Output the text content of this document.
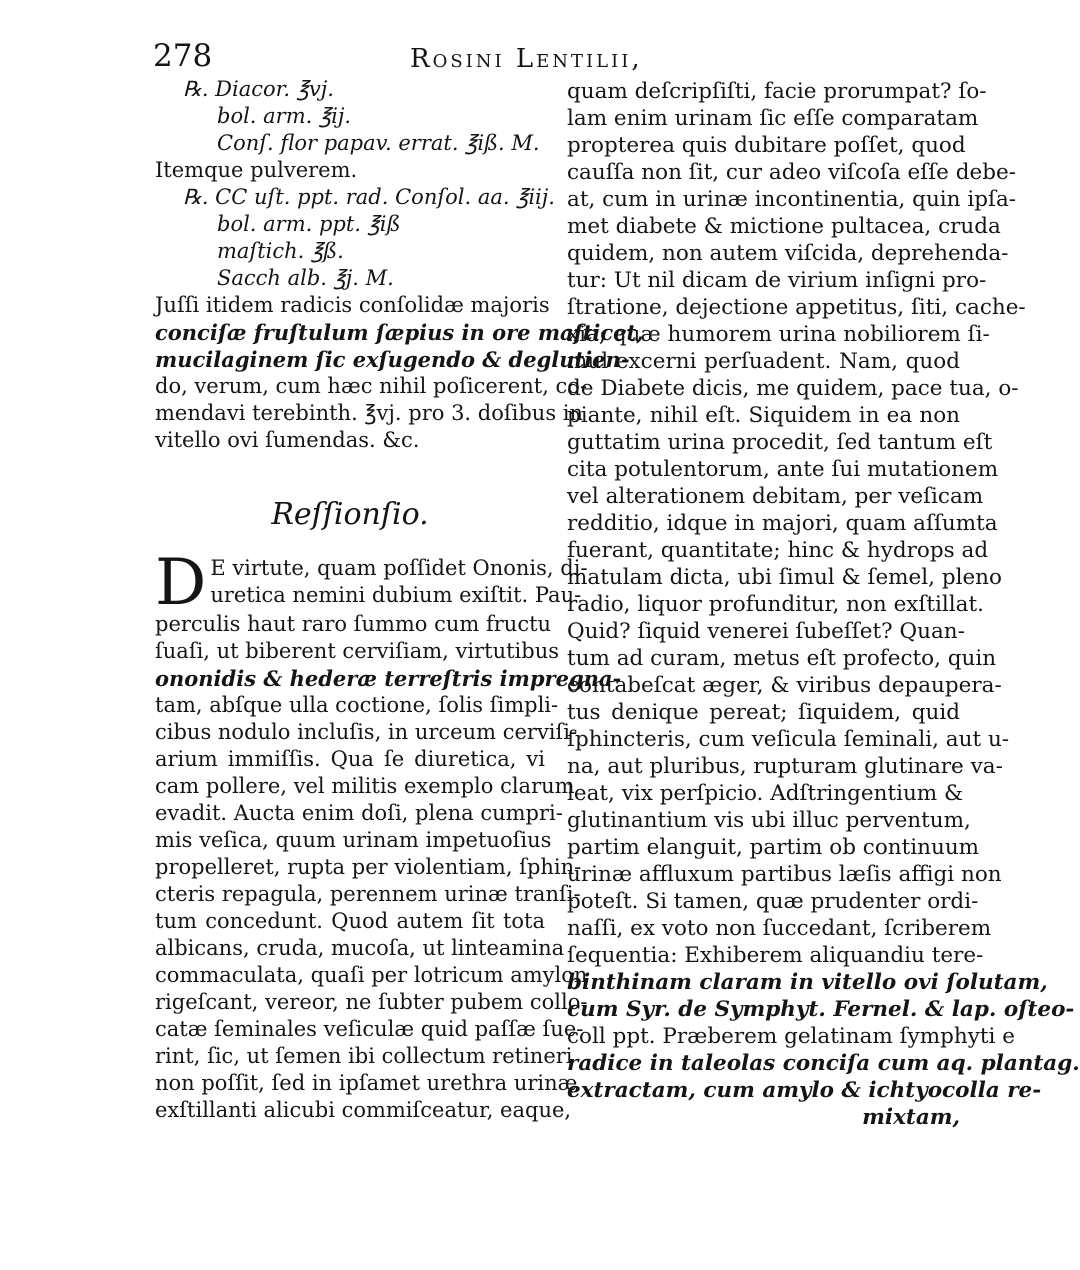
278	Rosini Lentilii,
℞. Diacor. ℥vj.
bol. arm. ℥ij.
Conſ. flor papav. errat. ℥iß. M.
Itemque pulverem.
℞. CC uſt. ppt. rad. Conſol. aa. ℥iij.
bol. arm. ppt. ℥iß
maſtich. ℥ß.
Sacch alb. ℥j. M.
Juſſi itidem radicis conſolidæ majoris
conciſæ fruſtulum ſæpius in ore maſticet,
mucilaginem ſic exſugendo & deglutien-
do, verum, cum hæc nihil poſicerent, co-
mendavi terebinth. ℥vj. pro 3. doſibus in
vitello ovi ſumendas. &c.
Reſſionſio.
D E virtute, quam poſſidet Ononis, di-
uretica nemini dubium exiſtit. Pau-
perculis haut raro ſummo cum fructu
ſuaſi, ut biberent cerviſiam, virtutibus
ononidis & hederæ terreſtris impregna-
tam, abſque ulla coctione, ſolis ſimpli-
cibus nodulo incluſis, in urceum cerviſi-
arium immiſſis. Qua ſe diuretica, vi
cam pollere, vel militis exemplo clarum
evadit. Aucta enim doſi, plena cumpri-
mis veſica, quum urinam impetuoſius
propelleret, rupta per violentiam, ſphin-
cteris repagula, perennem urinæ tranſi-
tum concedunt. Quod autem ſit tota
albicans, cruda, mucoſa, ut linteamina
commaculata, quaſi per lotricum amylon
rigeſcant, vereor, ne ſubter pubem collo-
catæ ſeminales veſiculæ quid paſſæ ſue-
rint, ſic, ut ſemen ibi collectum retineri
non poſſit, ſed in ipſamet urethra urinæ
exſtillanti alicubi commiſceatur, eaque,
quam deſcripſiſti, facie prorumpat? ſo-
lam enim urinam ſic eſſe comparatam
propterea quis dubitare poſſet, quod
cauſſa non ſit, cur adeo viſcoſa eſſe debe-
at, cum in urinæ incontinentia, quin ipſa-
met diabete & mictione pultacea, cruda
quidem, non autem viſcida, deprehenda-
tur: Ut nil dicam de virium inſigni pro-
ſtratione, dejectione appetitus, ſiti, cache-
xia; quæ humorem urina nobiliorem ſi-
mul excerni perſuadent. Nam, quod
de Diabete dicis, me quidem, pace tua, o-
piante, nihil eſt. Siquidem in ea non
guttatim urina procedit, ſed tantum eſt
cita potulentorum, ante ſui mutationem
vel alterationem debitam, per veſicam
redditio, idque in majori, quam aſſumta
fuerant, quantitate; hinc & hydrops ad
matulam dicta, ubi ſimul & ſemel, pleno
radio, liquor profunditur, non exſtillat.
Quid? ſiquid venerei ſubeſſet? Quan-
tum ad curam, metus eſt profecto, quin
contabeſcat æger, & viribus depaupera-
tus denique pereat; ſiquidem, quid
ſphincteris, cum veſicula ſeminali, aut u-
na, aut pluribus, rupturam glutinare va-
leat, vix perſpicio. Adſtringentium &
glutinantium vis ubi illuc perventum,
partim elanguit, partim ob continuum
urinæ affluxum partibus læſis affigi non
poteſt. Si tamen, quæ prudenter ordi-
naſſi, ex voto non ſuccedant, ſcriberem
ſequentia: Exhiberem aliquandiu tere-
binthinam claram in vitello ovi ſolutam,
cum Syr. de Symphyt. Fernel. & lap. oſteo-
coll ppt. Præberem gelatinam ſymphyti e
radice in taleolas conciſa cum aq. plantag.
extractam, cum amylo & ichtyocolla re-
mixtam,
